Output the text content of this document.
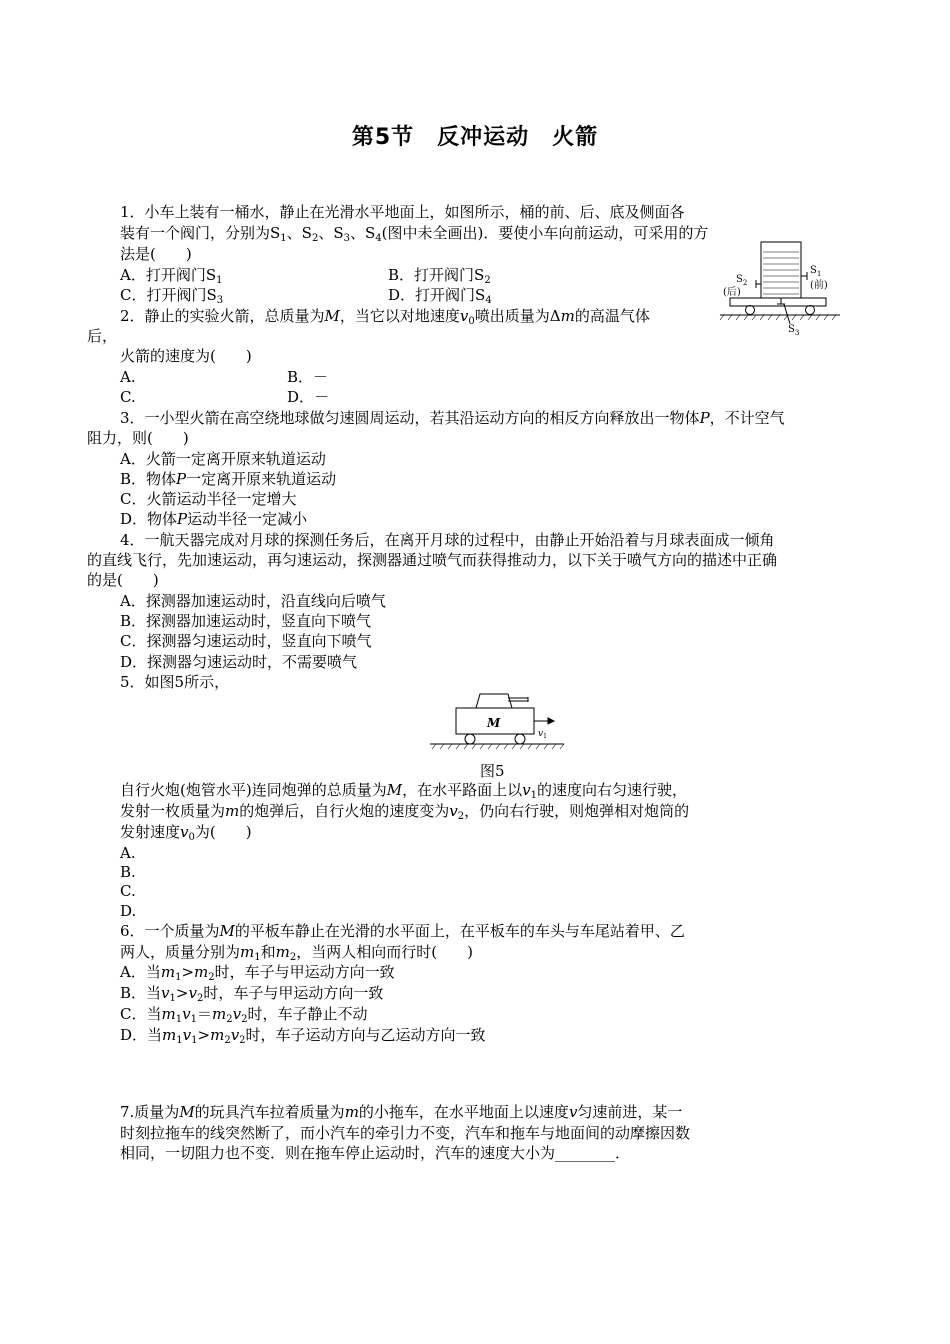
第5节　反冲运动　火箭
1．小车上装有一桶水，静止在光滑水平地面上，如图所示，桶的前、后、底及侧面各
装有一个阀门，分别为$S_1$、$S_2$、$S_3$、$S_4$(图中未全画出)．要使小车向前运动，可采用的方
法是(　　)
A．打开阀门$S_1$	B．打开阀门$S_2$
C．打开阀门$S_3$	D．打开阀门$S_4$
$S_1$
(前)
$S_2$
(后)
$S_3$
2．静止的实验火箭，总质量为M，当它以对地速度$v_0$喷出质量为Δm的高温气体
后，
火箭的速度为(　　)
A.	B．－
C.	D．－
3．一小型火箭在高空绕地球做匀速圆周运动，若其沿运动方向的相反方向释放出一物体P，不计空气
阻力，则(　　)
A．火箭一定离开原来轨道运动
B．物体P一定离开原来轨道运动
C．火箭运动半径一定增大
D．物体P运动半径一定减小
4．一航天器完成对月球的探测任务后，在离开月球的过程中，由静止开始沿着与月球表面成一倾角
的直线飞行，先加速运动，再匀速运动，探测器通过喷气而获得推动力，以下关于喷气方向的描述中正确
的是(　　)
A．探测器加速运动时，沿直线向后喷气
B．探测器加速运动时，竖直向下喷气
C．探测器匀速运动时，竖直向下喷气
D．探测器匀速运动时，不需要喷气
5．如图5所示，
M
$v_1$
图5
自行火炮(炮管水平)连同炮弹的总质量为M，在水平路面上以$v_1$的速度向右匀速行驶，
发射一枚质量为m的炮弹后，自行火炮的速度变为$v_2$，仍向右行驶，则炮弹相对炮筒的
发射速度$v_0$为(　　)
A.
B.
C.
D.
6．一个质量为M的平板车静止在光滑的水平面上，在平板车的车头与车尾站着甲、乙
两人，质量分别为$m_1$和$m_2$，当两人相向而行时(　　)
A．当$m_1>m_2$时，车子与甲运动方向一致
B．当$v_1>v_2$时，车子与甲运动方向一致
C．当$m_1v_1=m_2v_2$时，车子静止不动
D．当$m_1v_1>m_2v_2$时，车子运动方向与乙运动方向一致
7.质量为M的玩具汽车拉着质量为m的小拖车，在水平地面上以速度v匀速前进，某一
时刻拉拖车的线突然断了，而小汽车的牵引力不变，汽车和拖车与地面间的动摩擦因数
相同，一切阻力也不变．则在拖车停止运动时，汽车的速度大小为________．
